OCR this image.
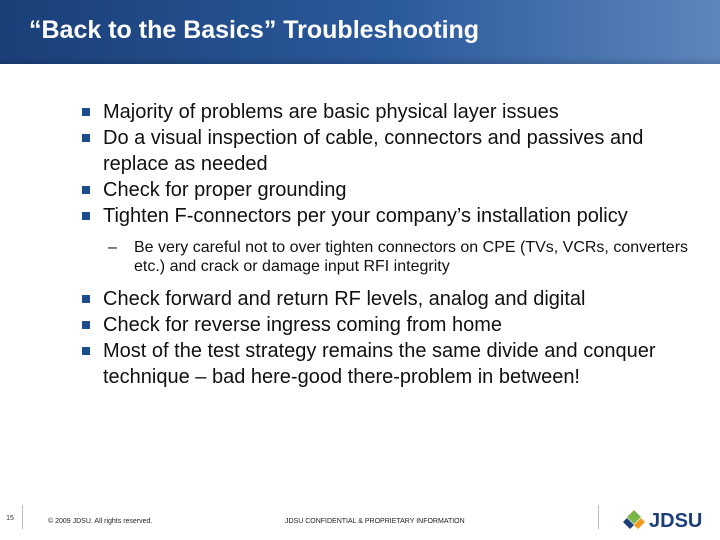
“Back to the Basics” Troubleshooting
Majority of problems are basic physical layer issues
Do a visual inspection of cable, connectors and passives and replace as needed
Check for proper grounding
Tighten F-connectors per your company’s installation policy
– Be very careful not to over tighten connectors on CPE (TVs, VCRs, converters etc.) and crack or damage input RFI integrity
Check forward and return RF levels, analog and digital
Check for reverse ingress coming from home
Most of the test strategy remains the same divide and conquer technique – bad here-good there-problem in between!
15	© 2009 JDSU. All rights reserved.	JDSU CONFIDENTIAL & PROPRIETARY INFORMATION	JDSU
